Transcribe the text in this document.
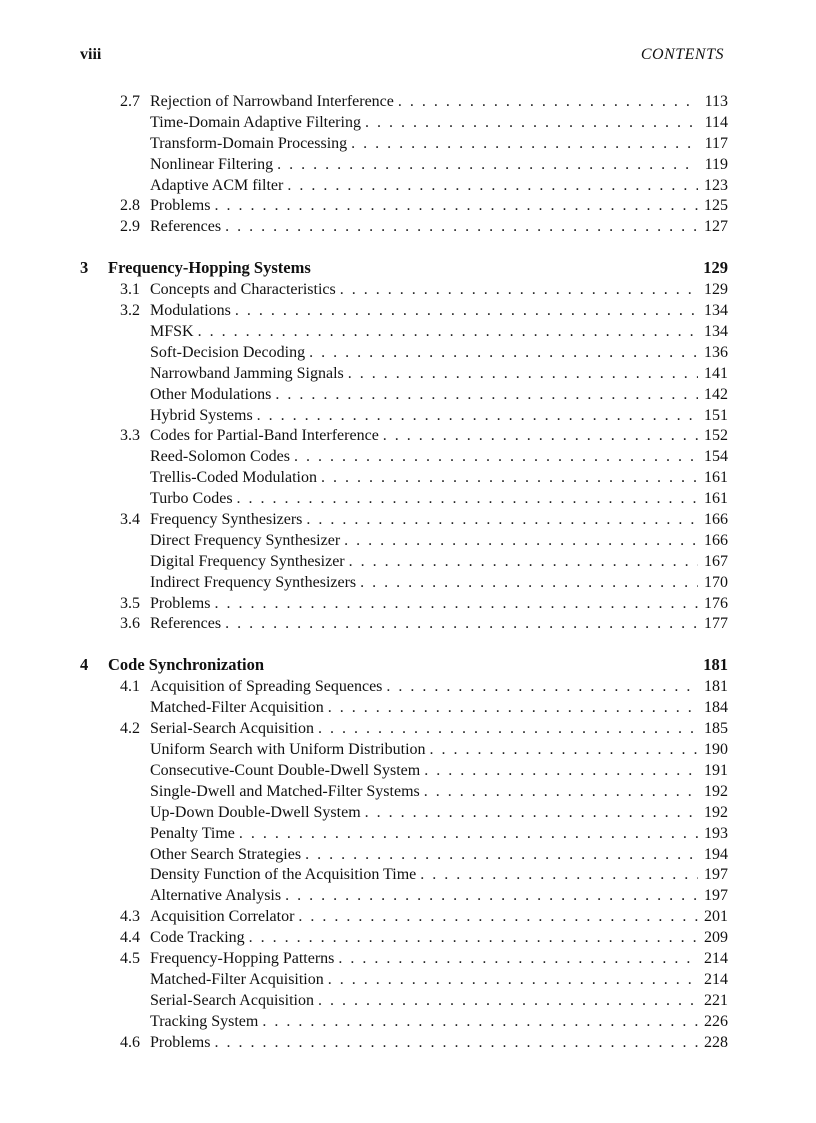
viii	CONTENTS
2.7 Rejection of Narrowband Interference . . .	113
Time-Domain Adaptive Filtering . . .	114
Transform-Domain Processing . . .	117
Nonlinear Filtering . . .	119
Adaptive ACM filter . . .	123
2.8 Problems . . .	125
2.9 References . . .	127
3	Frequency-Hopping Systems	129
3.1 Concepts and Characteristics . . .	129
3.2 Modulations . . .	134
MFSK . . .	134
Soft-Decision Decoding . . .	136
Narrowband Jamming Signals . . .	141
Other Modulations . . .	142
Hybrid Systems . . .	151
3.3 Codes for Partial-Band Interference . . .	152
Reed-Solomon Codes . . .	154
Trellis-Coded Modulation . . .	161
Turbo Codes . . .	161
3.4 Frequency Synthesizers . . .	166
Direct Frequency Synthesizer . . .	166
Digital Frequency Synthesizer . . .	167
Indirect Frequency Synthesizers . . .	170
3.5 Problems . . .	176
3.6 References . . .	177
4	Code Synchronization	181
4.1 Acquisition of Spreading Sequences . . .	181
Matched-Filter Acquisition . . .	184
4.2 Serial-Search Acquisition . . .	185
Uniform Search with Uniform Distribution . . .	190
Consecutive-Count Double-Dwell System . . .	191
Single-Dwell and Matched-Filter Systems . . .	192
Up-Down Double-Dwell System . . .	192
Penalty Time . . .	193
Other Search Strategies . . .	194
Density Function of the Acquisition Time . . .	197
Alternative Analysis . . .	197
4.3 Acquisition Correlator . . .	201
4.4 Code Tracking . . .	209
4.5 Frequency-Hopping Patterns . . .	214
Matched-Filter Acquisition . . .	214
Serial-Search Acquisition . . .	221
Tracking System . . .	226
4.6 Problems . . .	228
